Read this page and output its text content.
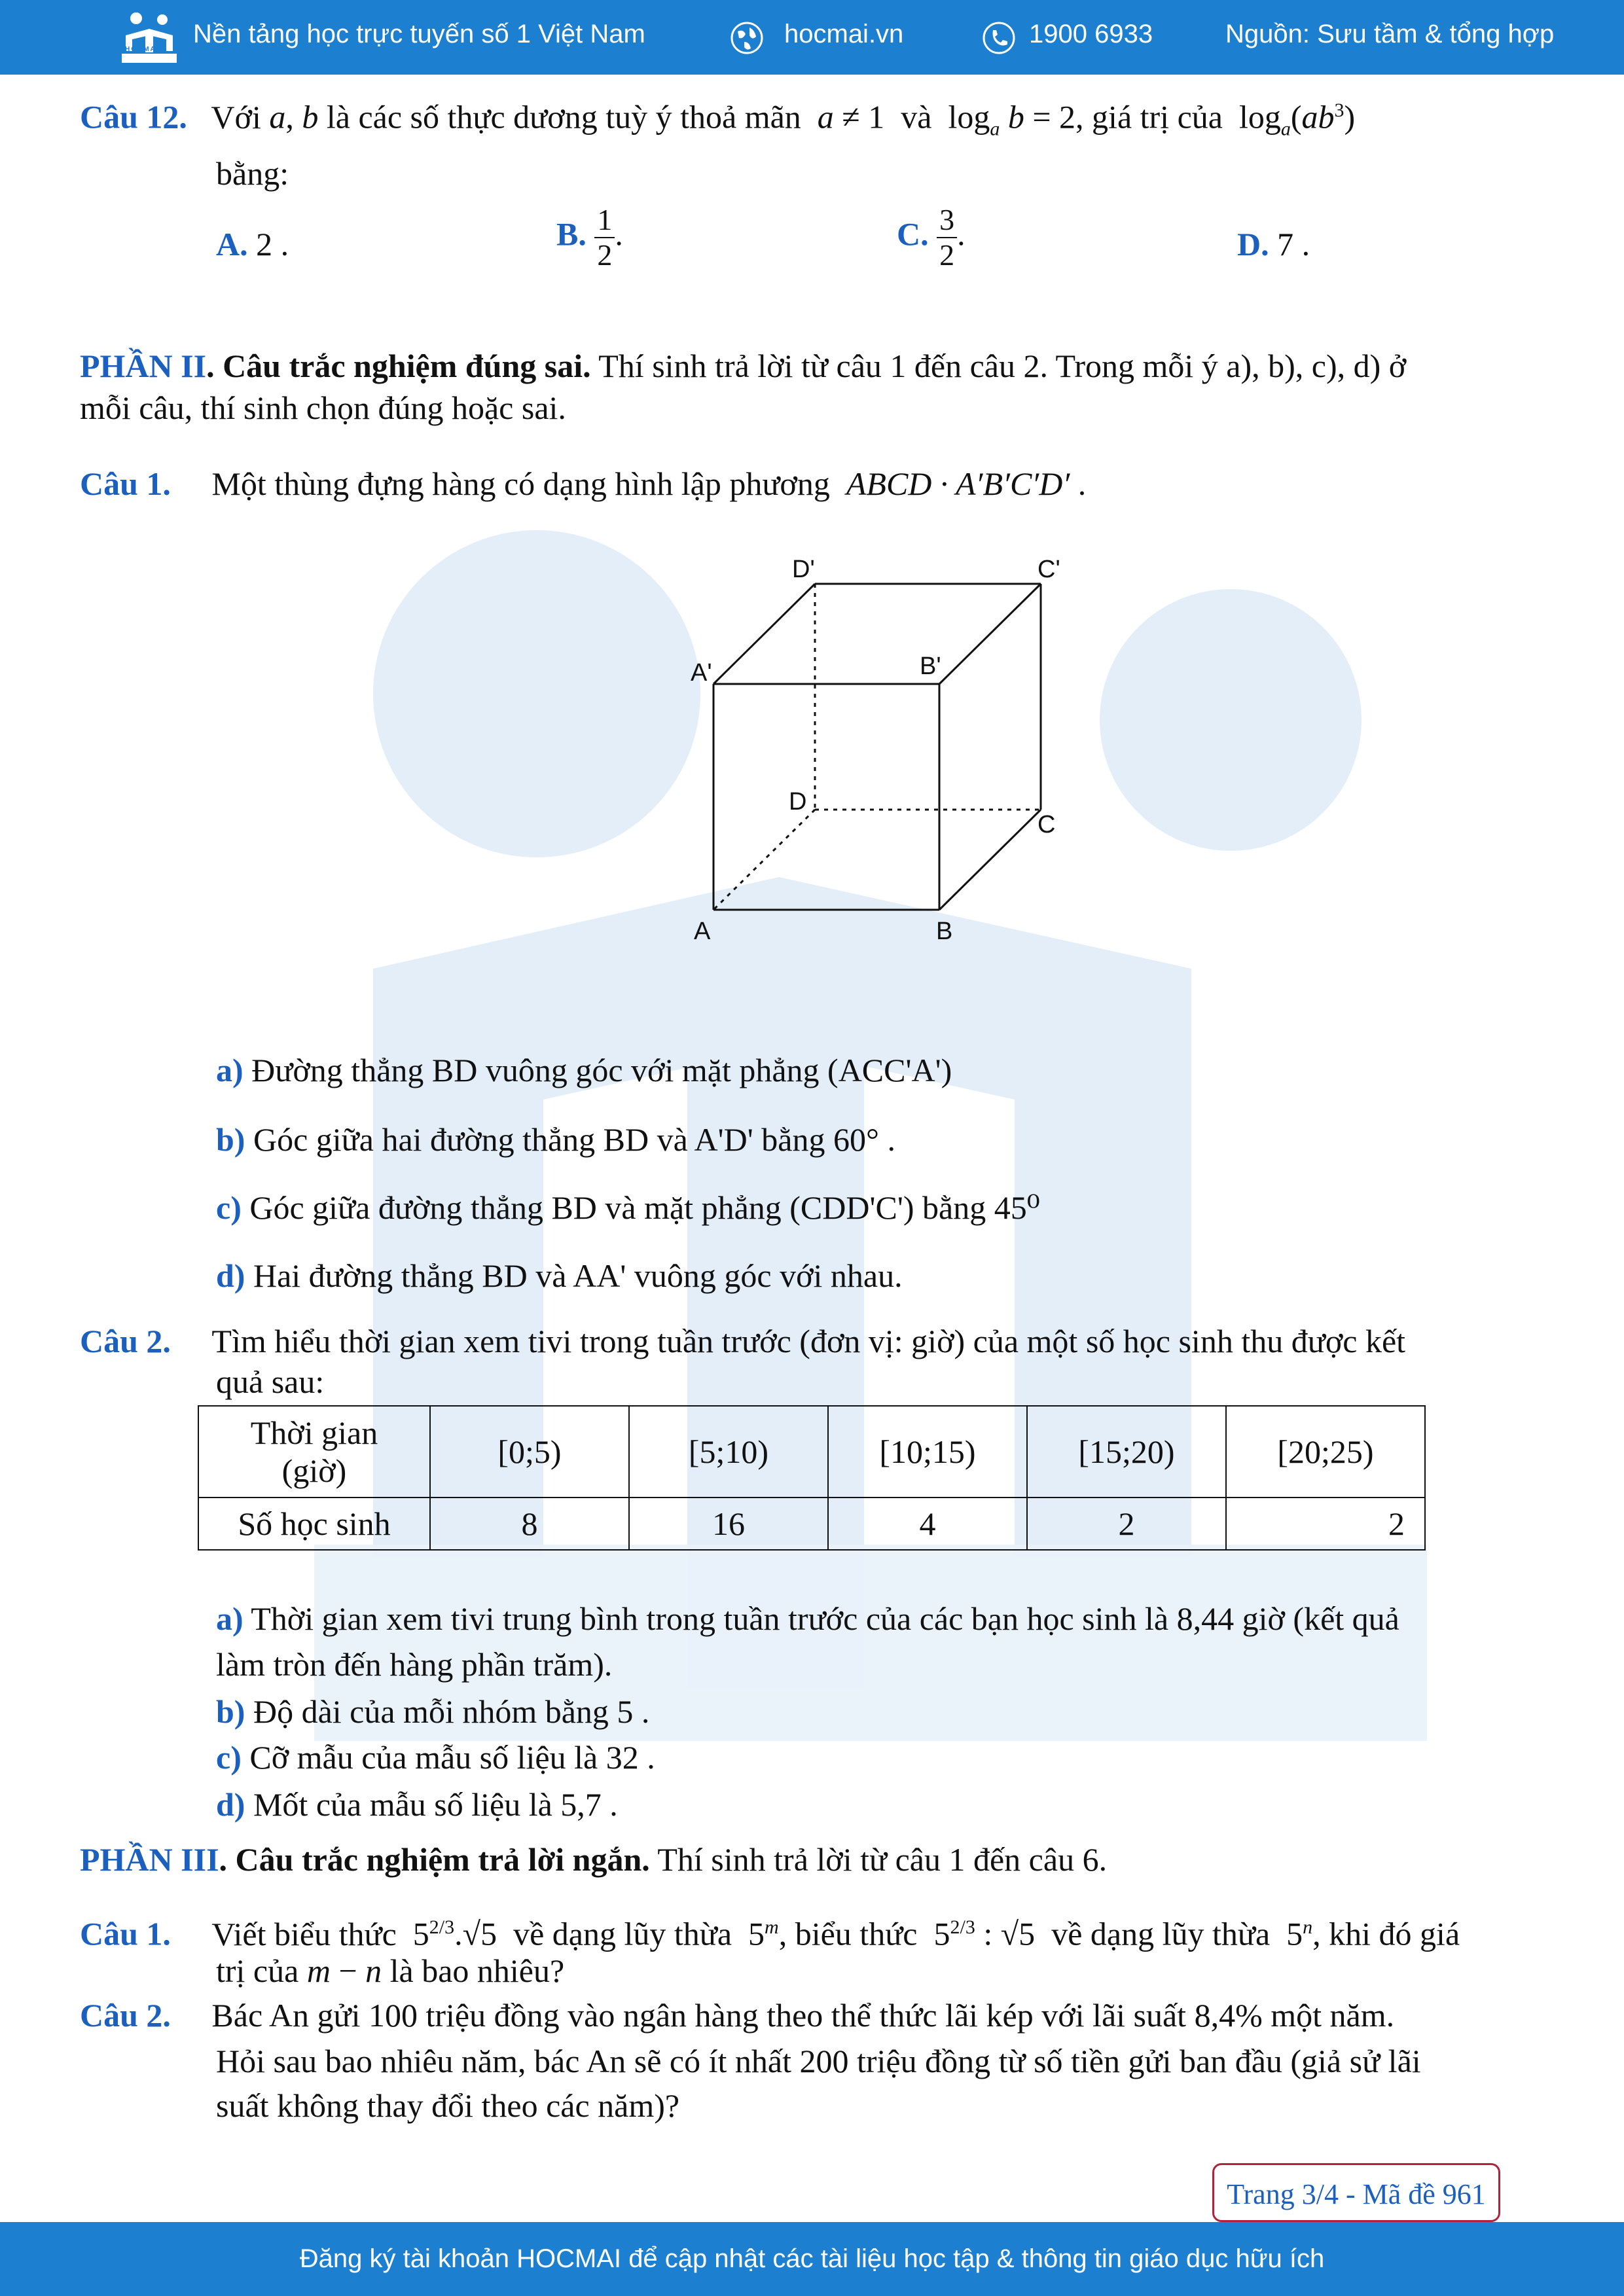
HOCMAI
Nền tảng học trực tuyến số 1 Việt Nam	hocmai.vn	1900 6933	Nguồn: Sưu tầm & tổng hợp
Câu 12. Với a, b là các số thực dương tuỳ ý thoả mãn a ≠ 1  và  $\log_a b = 2$, giá trị của  $\log_a(ab^3)$
bằng:
A. 2 .	B. $\frac{1}{2}$ .	C. $\frac{3}{2}$ .	D. 7 .
PHẦN II. Câu trắc nghiệm đúng sai. Thí sinh trả lời từ câu 1 đến câu 2. Trong mỗi ý a), b), c), d) ở
mỗi câu, thí sinh chọn đúng hoặc sai.
Câu 1. Một thùng đựng hàng có dạng hình lập phương ABCD · A′B′C′D′ .
A	B
C
D
A'	B'
C'
D'
a) Đường thẳng BD vuông góc với mặt phẳng (ACC'A')
b) Góc giữa hai đường thẳng BD và A'D' bằng 60° .
c) Góc giữa đường thẳng BD và mặt phẳng (CDD'C') bằng 45⁰
d) Hai đường thẳng BD và AA' vuông góc với nhau.
Câu 2. Tìm hiểu thời gian xem tivi trong tuần trước (đơn vị: giờ) của một số học sinh thu được kết
quả sau:
Thời gian
(giờ)	[0;5)	[5;10)	[10;15)	[15;20)	[20;25)
Số học sinh	8	16	4	2	2
a) Thời gian xem tivi trung bình trong tuần trước của các bạn học sinh là 8,44 giờ (kết quả
làm tròn đến hàng phần trăm).
b) Độ dài của mỗi nhóm bằng 5 .
c) Cỡ mẫu của mẫu số liệu là 32 .
d) Mốt của mẫu số liệu là 5,7 .
PHẦN III. Câu trắc nghiệm trả lời ngắn. Thí sinh trả lời từ câu 1 đến câu 6.
Câu 1. Viết biểu thức  $5^{2/3}.√5$  về dạng lũy thừa  5$^m$, biểu thức  $5^{2/3}$ : √5  về dạng lũy thừa  5$^n$, khi đó giá
trị của m − n là bao nhiêu?
Câu 2. Bác An gửi 100 triệu đồng vào ngân hàng theo thể thức lãi kép với lãi suất 8,4% một năm.
Hỏi sau bao nhiêu năm, bác An sẽ có ít nhất 200 triệu đồng từ số tiền gửi ban đầu (giả sử lãi
suất không thay đổi theo các năm)?
Trang 3/4 - Mã đề 961
Đăng ký tài khoản HOCMAI để cập nhật các tài liệu học tập & thông tin giáo dục hữu ích
